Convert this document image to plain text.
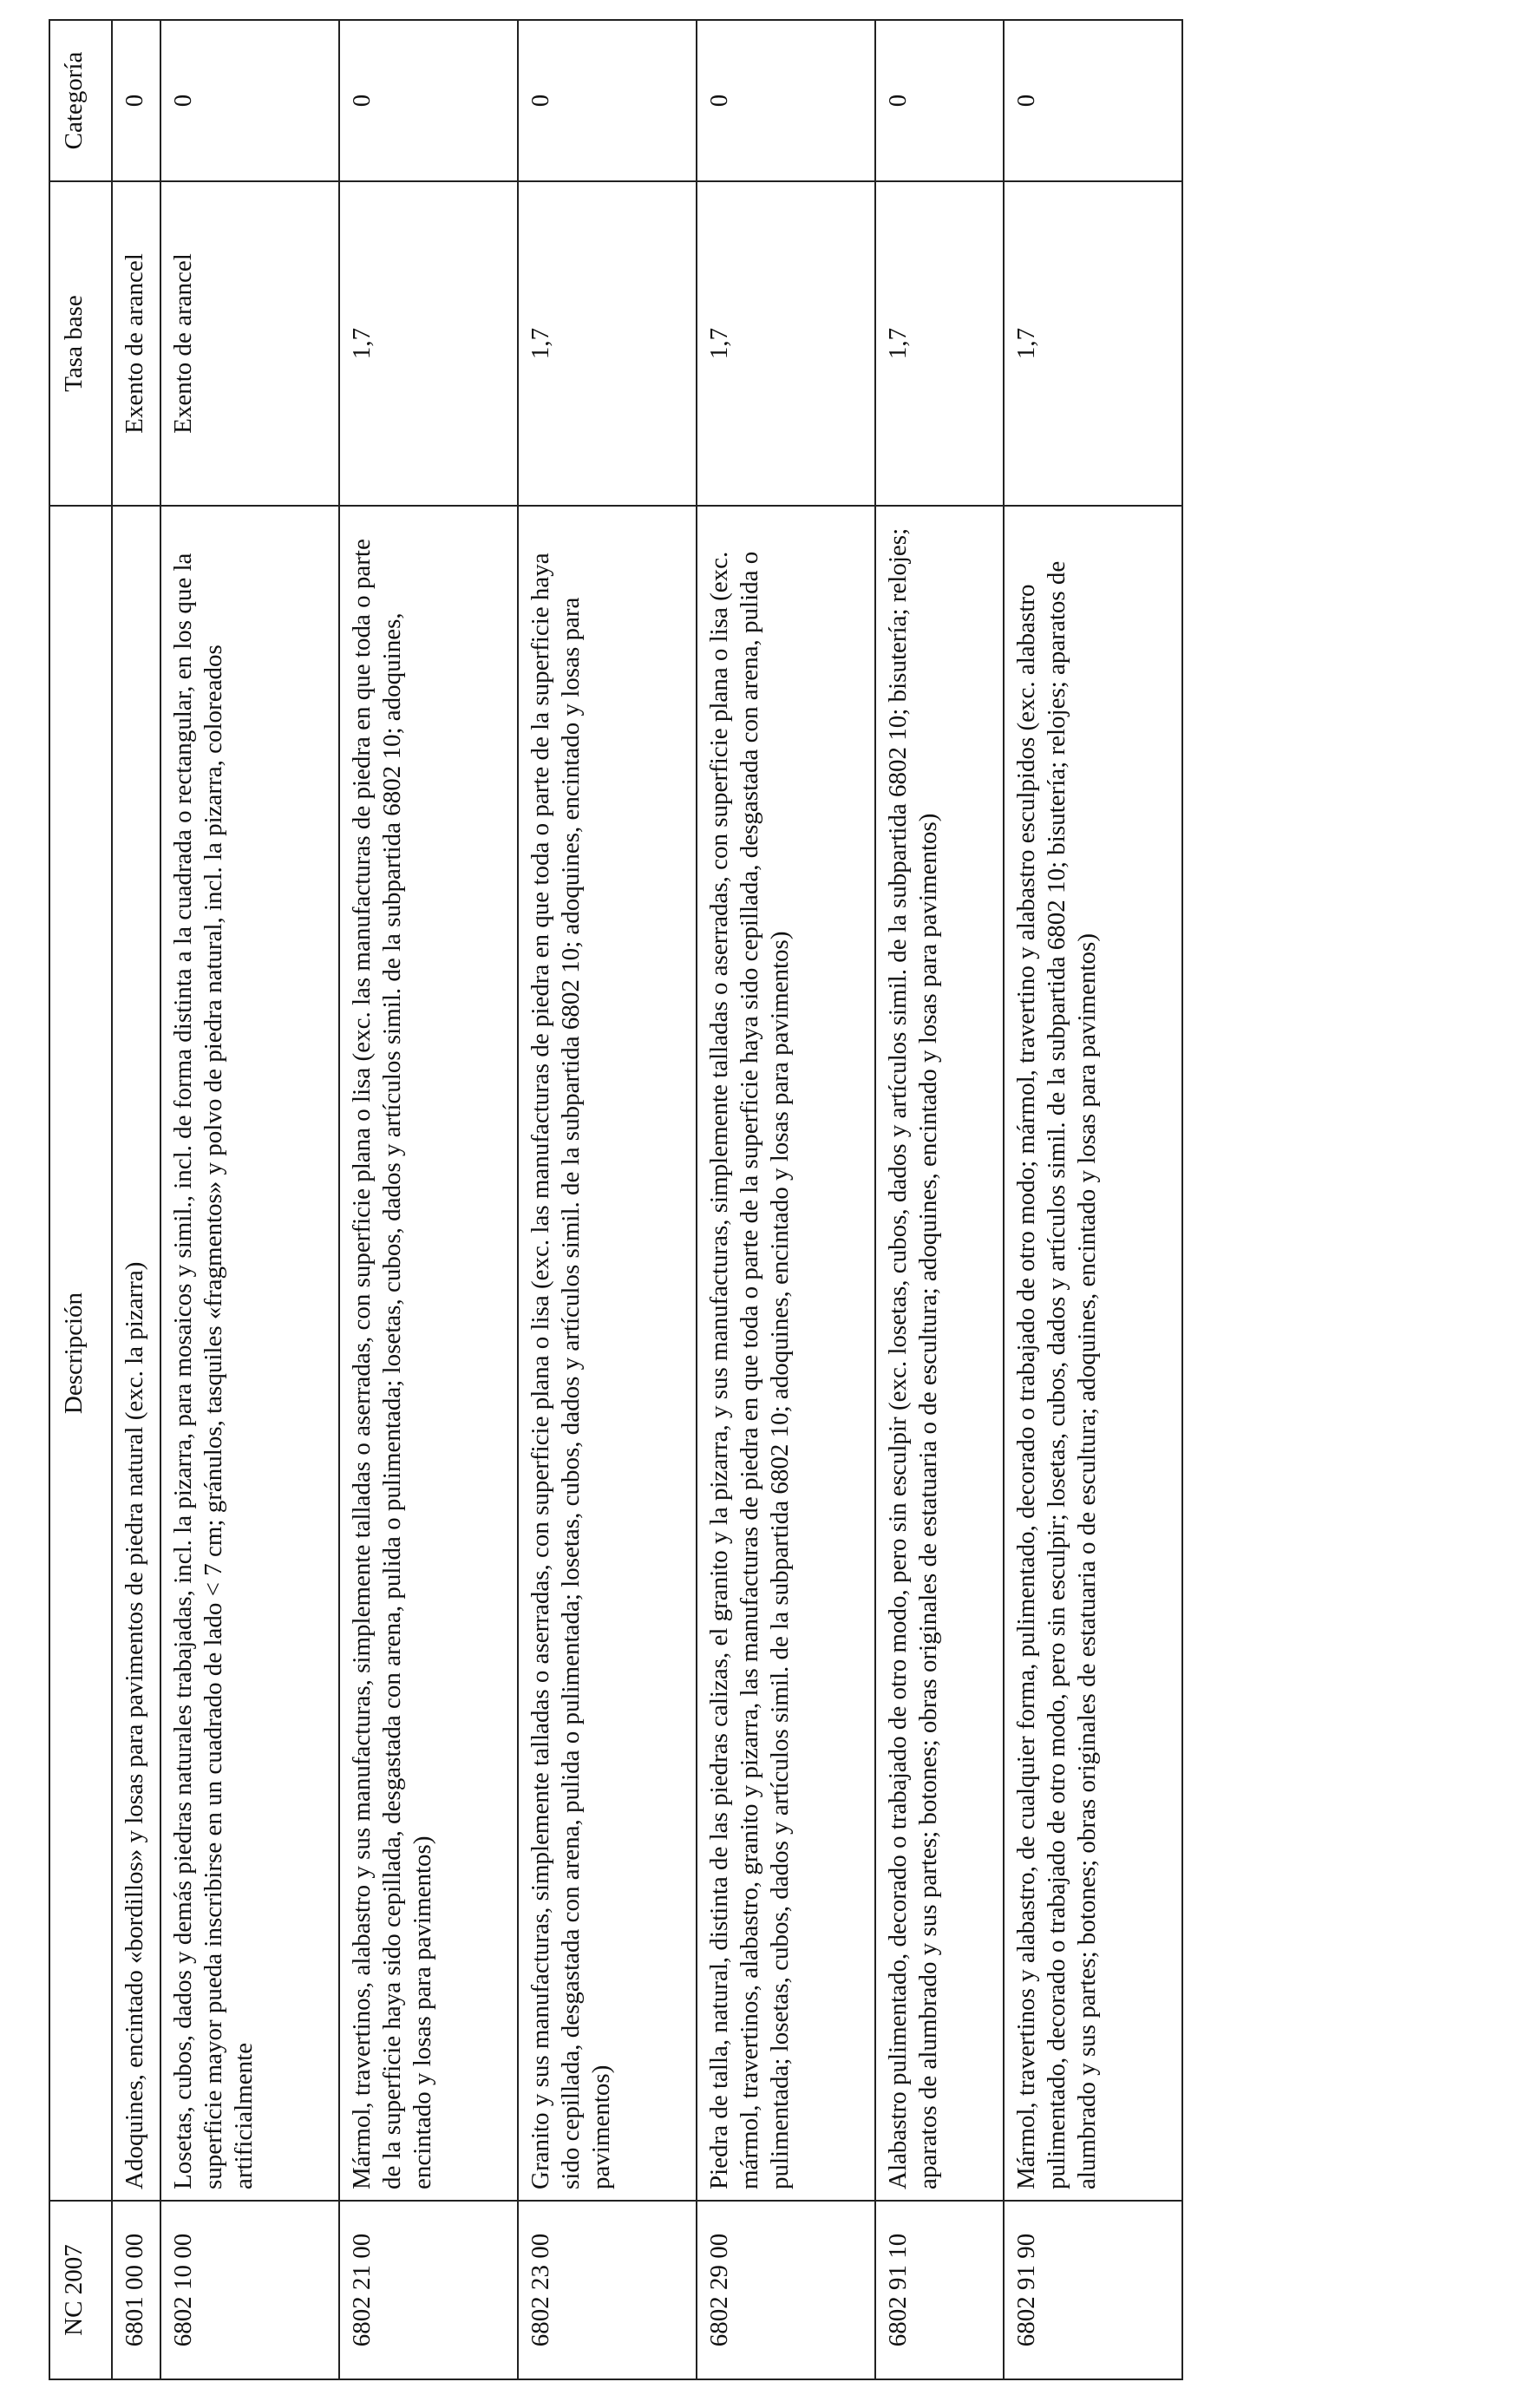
NC 2007	Descripción	Tasa base	Categoría
6801 00 00	Adoquines, encintado «bordillos» y losas para pavimentos de piedra natural (exc. la pizarra)	Exento de arancel	0
6802 10 00	Losetas, cubos, dados y demás piedras naturales trabajadas, incl. la pizarra, para mosaicos y simil., incl. de forma distinta a la cuadrada o rectangular, en los que la superficie mayor pueda inscribirse en un cuadrado de lado < 7 cm; gránulos, tasquiles «fragmentos» y polvo de piedra natural, incl. la pizarra, coloreados artificialmente	Exento de arancel	0
6802 21 00	Mármol, travertinos, alabastro y sus manufacturas, simplemente talladas o aserradas, con superficie plana o lisa (exc. las manufacturas de piedra en que toda o parte de la superficie haya sido cepillada, desgastada con arena, pulida o pulimentada; losetas, cubos, dados y artículos simil. de la subpartida 6802 10; adoquines, encintado y losas para pavimentos)	1,7	0
6802 23 00	Granito y sus manufacturas, simplemente talladas o aserradas, con superficie plana o lisa (exc. las manufacturas de piedra en que toda o parte de la superficie haya sido cepillada, desgastada con arena, pulida o pulimentada; losetas, cubos, dados y artículos simil. de la subpartida 6802 10; adoquines, encintado y losas para pavimentos)	1,7	0
6802 29 00	Piedra de talla, natural, distinta de las piedras calizas, el granito y la pizarra, y sus manufacturas, simplemente talladas o aserradas, con superficie plana o lisa (exc. mármol, travertinos, alabastro, granito y pizarra, las manufacturas de piedra en que toda o parte de la superficie haya sido cepillada, desgastada con arena, pulida o pulimentada; losetas, cubos, dados y artículos simil. de la subpartida 6802 10; adoquines, encintado y losas para pavimentos)	1,7	0
6802 91 10	Alabastro pulimentado, decorado o trabajado de otro modo, pero sin esculpir (exc. losetas, cubos, dados y artículos simil. de la subpartida 6802 10; bisutería; relojes; aparatos de alumbrado y sus partes; botones; obras originales de estatuaria o de escultura; adoquines, encintado y losas para pavimentos)	1,7	0
6802 91 90	Mármol, travertinos y alabastro, de cualquier forma, pulimentado, decorado o trabajado de otro modo; mármol, travertino y alabastro esculpidos (exc. alabastro pulimentado, decorado o trabajado de otro modo, pero sin esculpir; losetas, cubos, dados y artículos simil. de la subpartida 6802 10; bisutería; relojes; aparatos de alumbrado y sus partes; botones; obras originales de estatuaria o de escultura; adoquines, encintado y losas para pavimentos)	1,7	0
